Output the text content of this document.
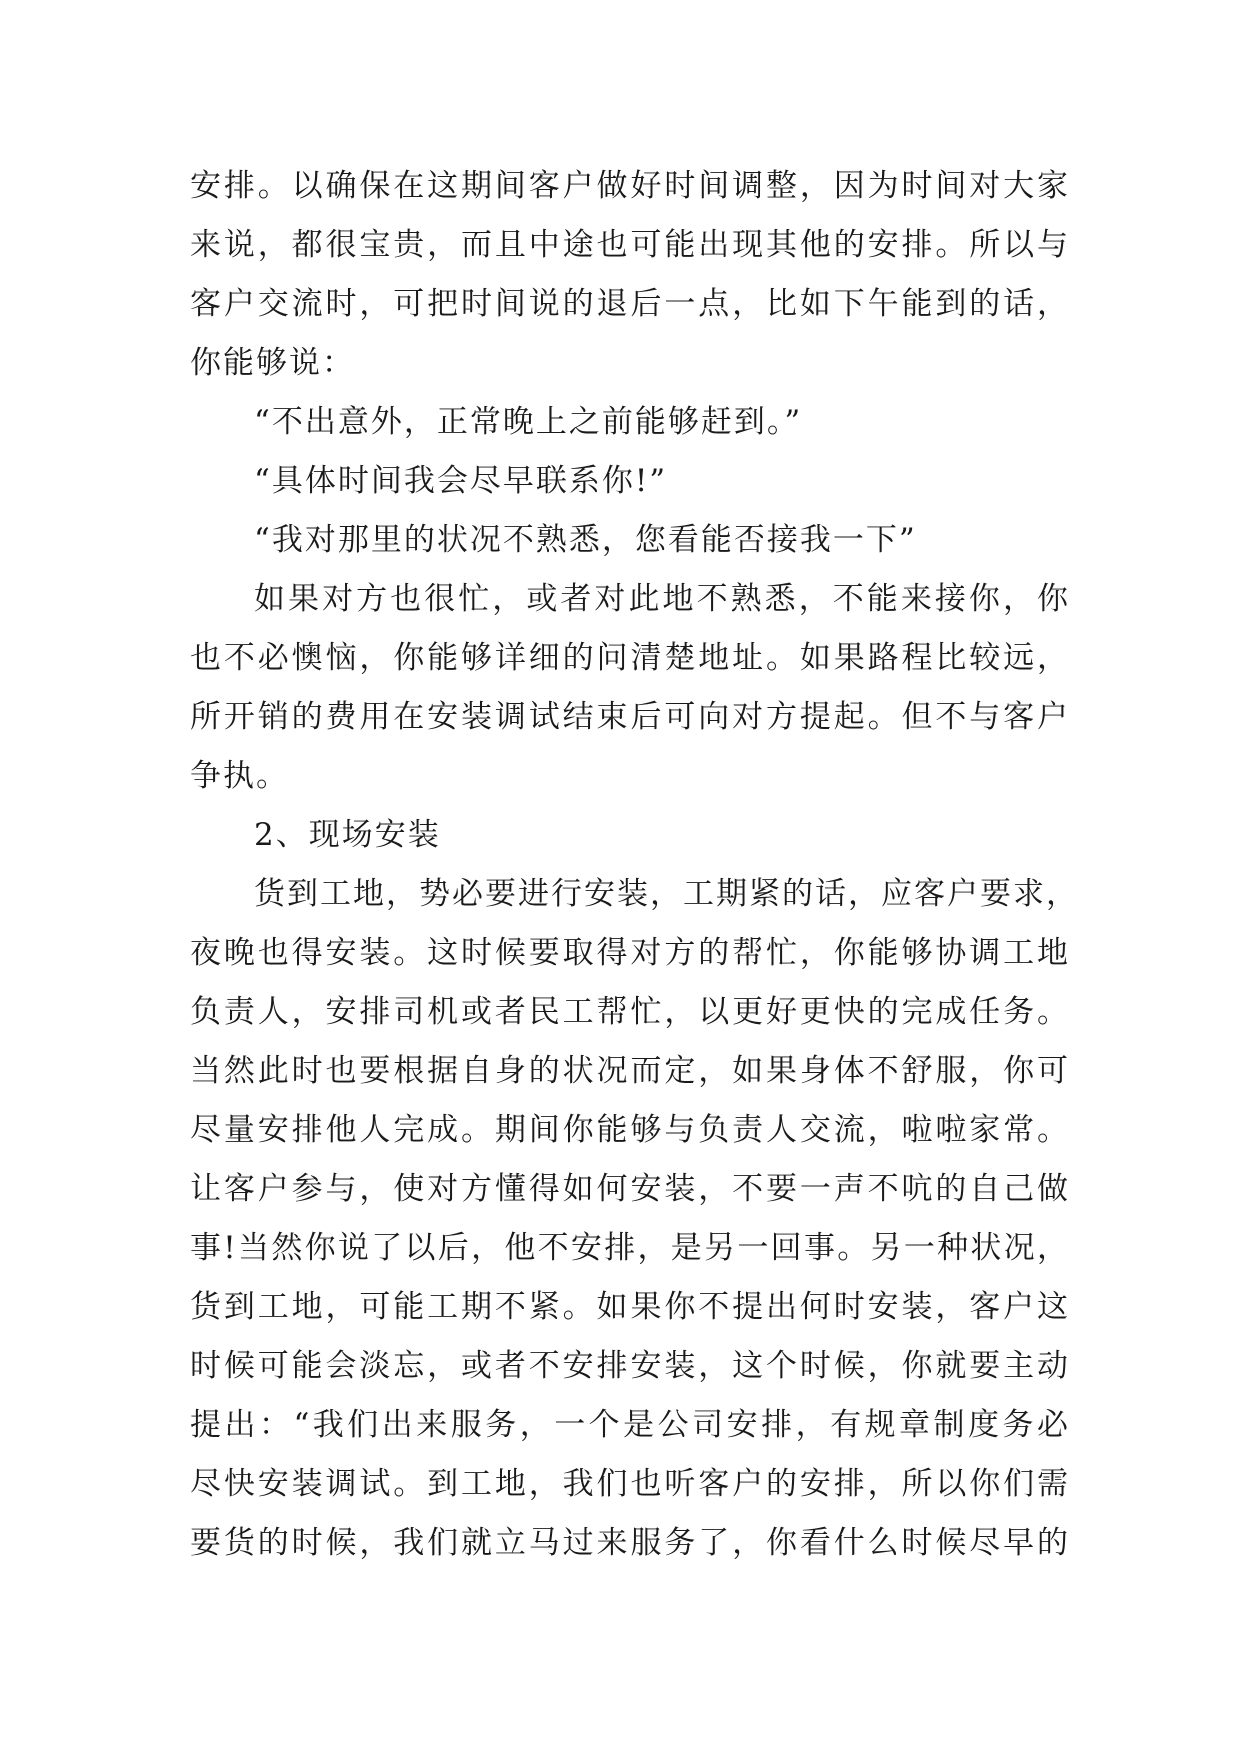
安排。以确保在这期间客户做好时间调整，因为时间对大家
来说，都很宝贵，而且中途也可能出现其他的安排。所以与
客户交流时，可把时间说的退后一点，比如下午能到的话，
你能够说：
“不出意外，正常晚上之前能够赶到。”
“具体时间我会尽早联系你!”
“我对那里的状况不熟悉，您看能否接我一下”
如果对方也很忙，或者对此地不熟悉，不能来接你，你
也不必懊恼，你能够详细的问清楚地址。如果路程比较远，
所开销的费用在安装调试结束后可向对方提起。但不与客户
争执。
2、现场安装
货到工地，势必要进行安装，工期紧的话，应客户要求，
夜晚也得安装。这时候要取得对方的帮忙，你能够协调工地
负责人，安排司机或者民工帮忙，以更好更快的完成任务。
当然此时也要根据自身的状况而定，如果身体不舒服，你可
尽量安排他人完成。期间你能够与负责人交流，啦啦家常。
让客户参与，使对方懂得如何安装，不要一声不吭的自己做
事!当然你说了以后，他不安排，是另一回事。另一种状况，
货到工地，可能工期不紧。如果你不提出何时安装，客户这
时候可能会淡忘，或者不安排安装，这个时候，你就要主动
提出：“我们出来服务，一个是公司安排，有规章制度务必
尽快安装调试。到工地，我们也听客户的安排，所以你们需
要货的时候，我们就立马过来服务了，你看什么时候尽早的
